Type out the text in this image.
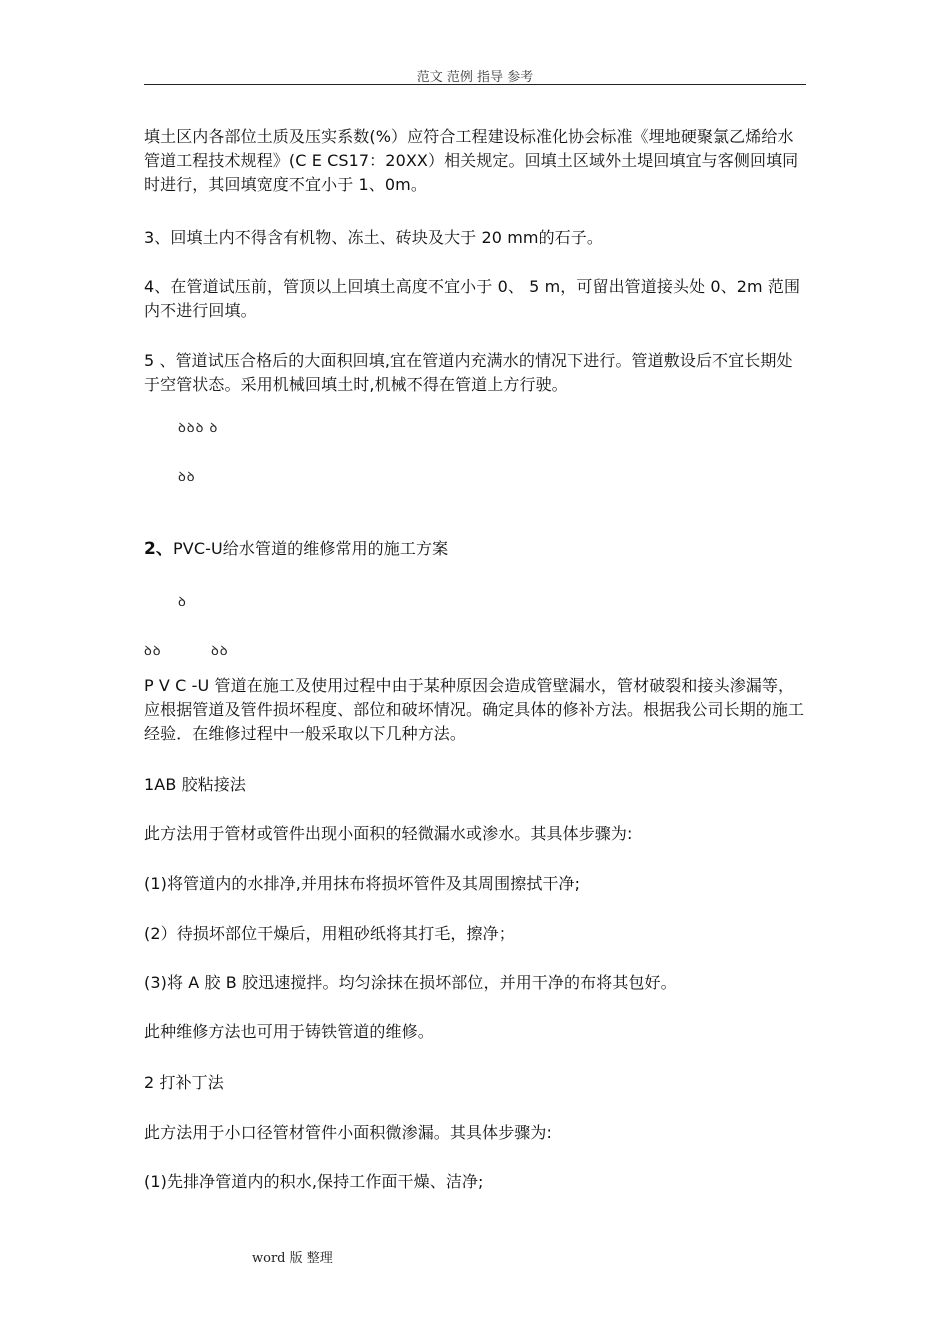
范文 范例 指导 参考
填土区内各部位土质及压实系数(%）应符合工程建设标准化协会标准《埋地硬聚氯乙烯给水管道工程技术规程》(C E CS17：20XX）相关规定。回填土区域外土堤回填宜与客侧回填同时进行，其回填宽度不宜小于 1、0m。
3、回填土内不得含有机物、冻土、砖块及大于 20 mm的石子。
4、在管道试压前，管顶以上回填土高度不宜小于 0、 5 m，可留出管道接头处 0、2m 范围内不进行回填。
5 、管道试压合格后的大面积回填,宜在管道内充满水的情况下进行。管道敷设后不宜长期处于空管状态。采用机械回填土时,机械不得在管道上方行驶。
ꝺꝺꝺ ꝺ
ꝺꝺ
2、PVC-U给水管道的维修常用的施工方案
ꝺ
ꝺꝺ	ꝺꝺ
P V C -U 管道在施工及使用过程中由于某种原因会造成管壁漏水，管材破裂和接头渗漏等，应根据管道及管件损坏程度、部位和破坏情况。确定具体的修补方法。根据我公司长期的施工经验．在维修过程中一般采取以下几种方法。
1AB 胶粘接法
此方法用于管材或管件出现小面积的轻微漏水或渗水。其具体步骤为:
(1)将管道内的水排净,并用抹布将损坏管件及其周围擦拭干净;
(2）待损坏部位干燥后，用粗砂纸将其打毛，擦净；
(3)将 A 胶 B 胶迅速搅拌。均匀涂抹在损坏部位，并用干净的布将其包好。
此种维修方法也可用于铸铁管道的维修。
2 打补丁法
此方法用于小口径管材管件小面积微渗漏。其具体步骤为:
(1)先排净管道内的积水,保持工作面干燥、洁净;
word 版 整理
